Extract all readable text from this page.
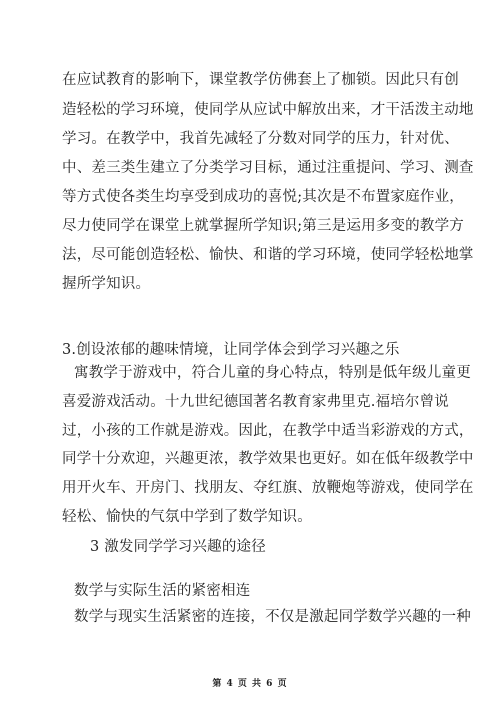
在应试教育的影响下，课堂教学仿佛套上了枷锁。因此只有创
造轻松的学习环境，使同学从应试中解放出来，才干活泼主动地
学习。在教学中，我首先减轻了分数对同学的压力，针对优、
中、差三类生建立了分类学习目标，通过注重提问、学习、测查
等方式使各类生均享受到成功的喜悦;其次是不布置家庭作业，
尽力使同学在课堂上就掌握所学知识;第三是运用多变的教学方
法，尽可能创造轻松、愉快、和谐的学习环境，使同学轻松地掌
握所学知识。
3.创设浓郁的趣味情境，让同学体会到学习兴趣之乐
寓教学于游戏中，符合儿童的身心特点，特别是低年级儿童更
喜爱游戏活动。十九世纪德国著名教育家弗里克.福培尔曾说
过，小孩的工作就是游戏。因此，在教学中适当彩游戏的方式，
同学十分欢迎，兴趣更浓，教学效果也更好。如在低年级教学中
用开火车、开房门、找朋友、夺红旗、放鞭炮等游戏，使同学在
轻松、愉快的气氛中学到了数学知识。
3 激发同学学习兴趣的途径
数学与实际生活的紧密相连
数学与现实生活紧密的连接，不仅是激起同学数学兴趣的一种
第 4 页 共 6 页
